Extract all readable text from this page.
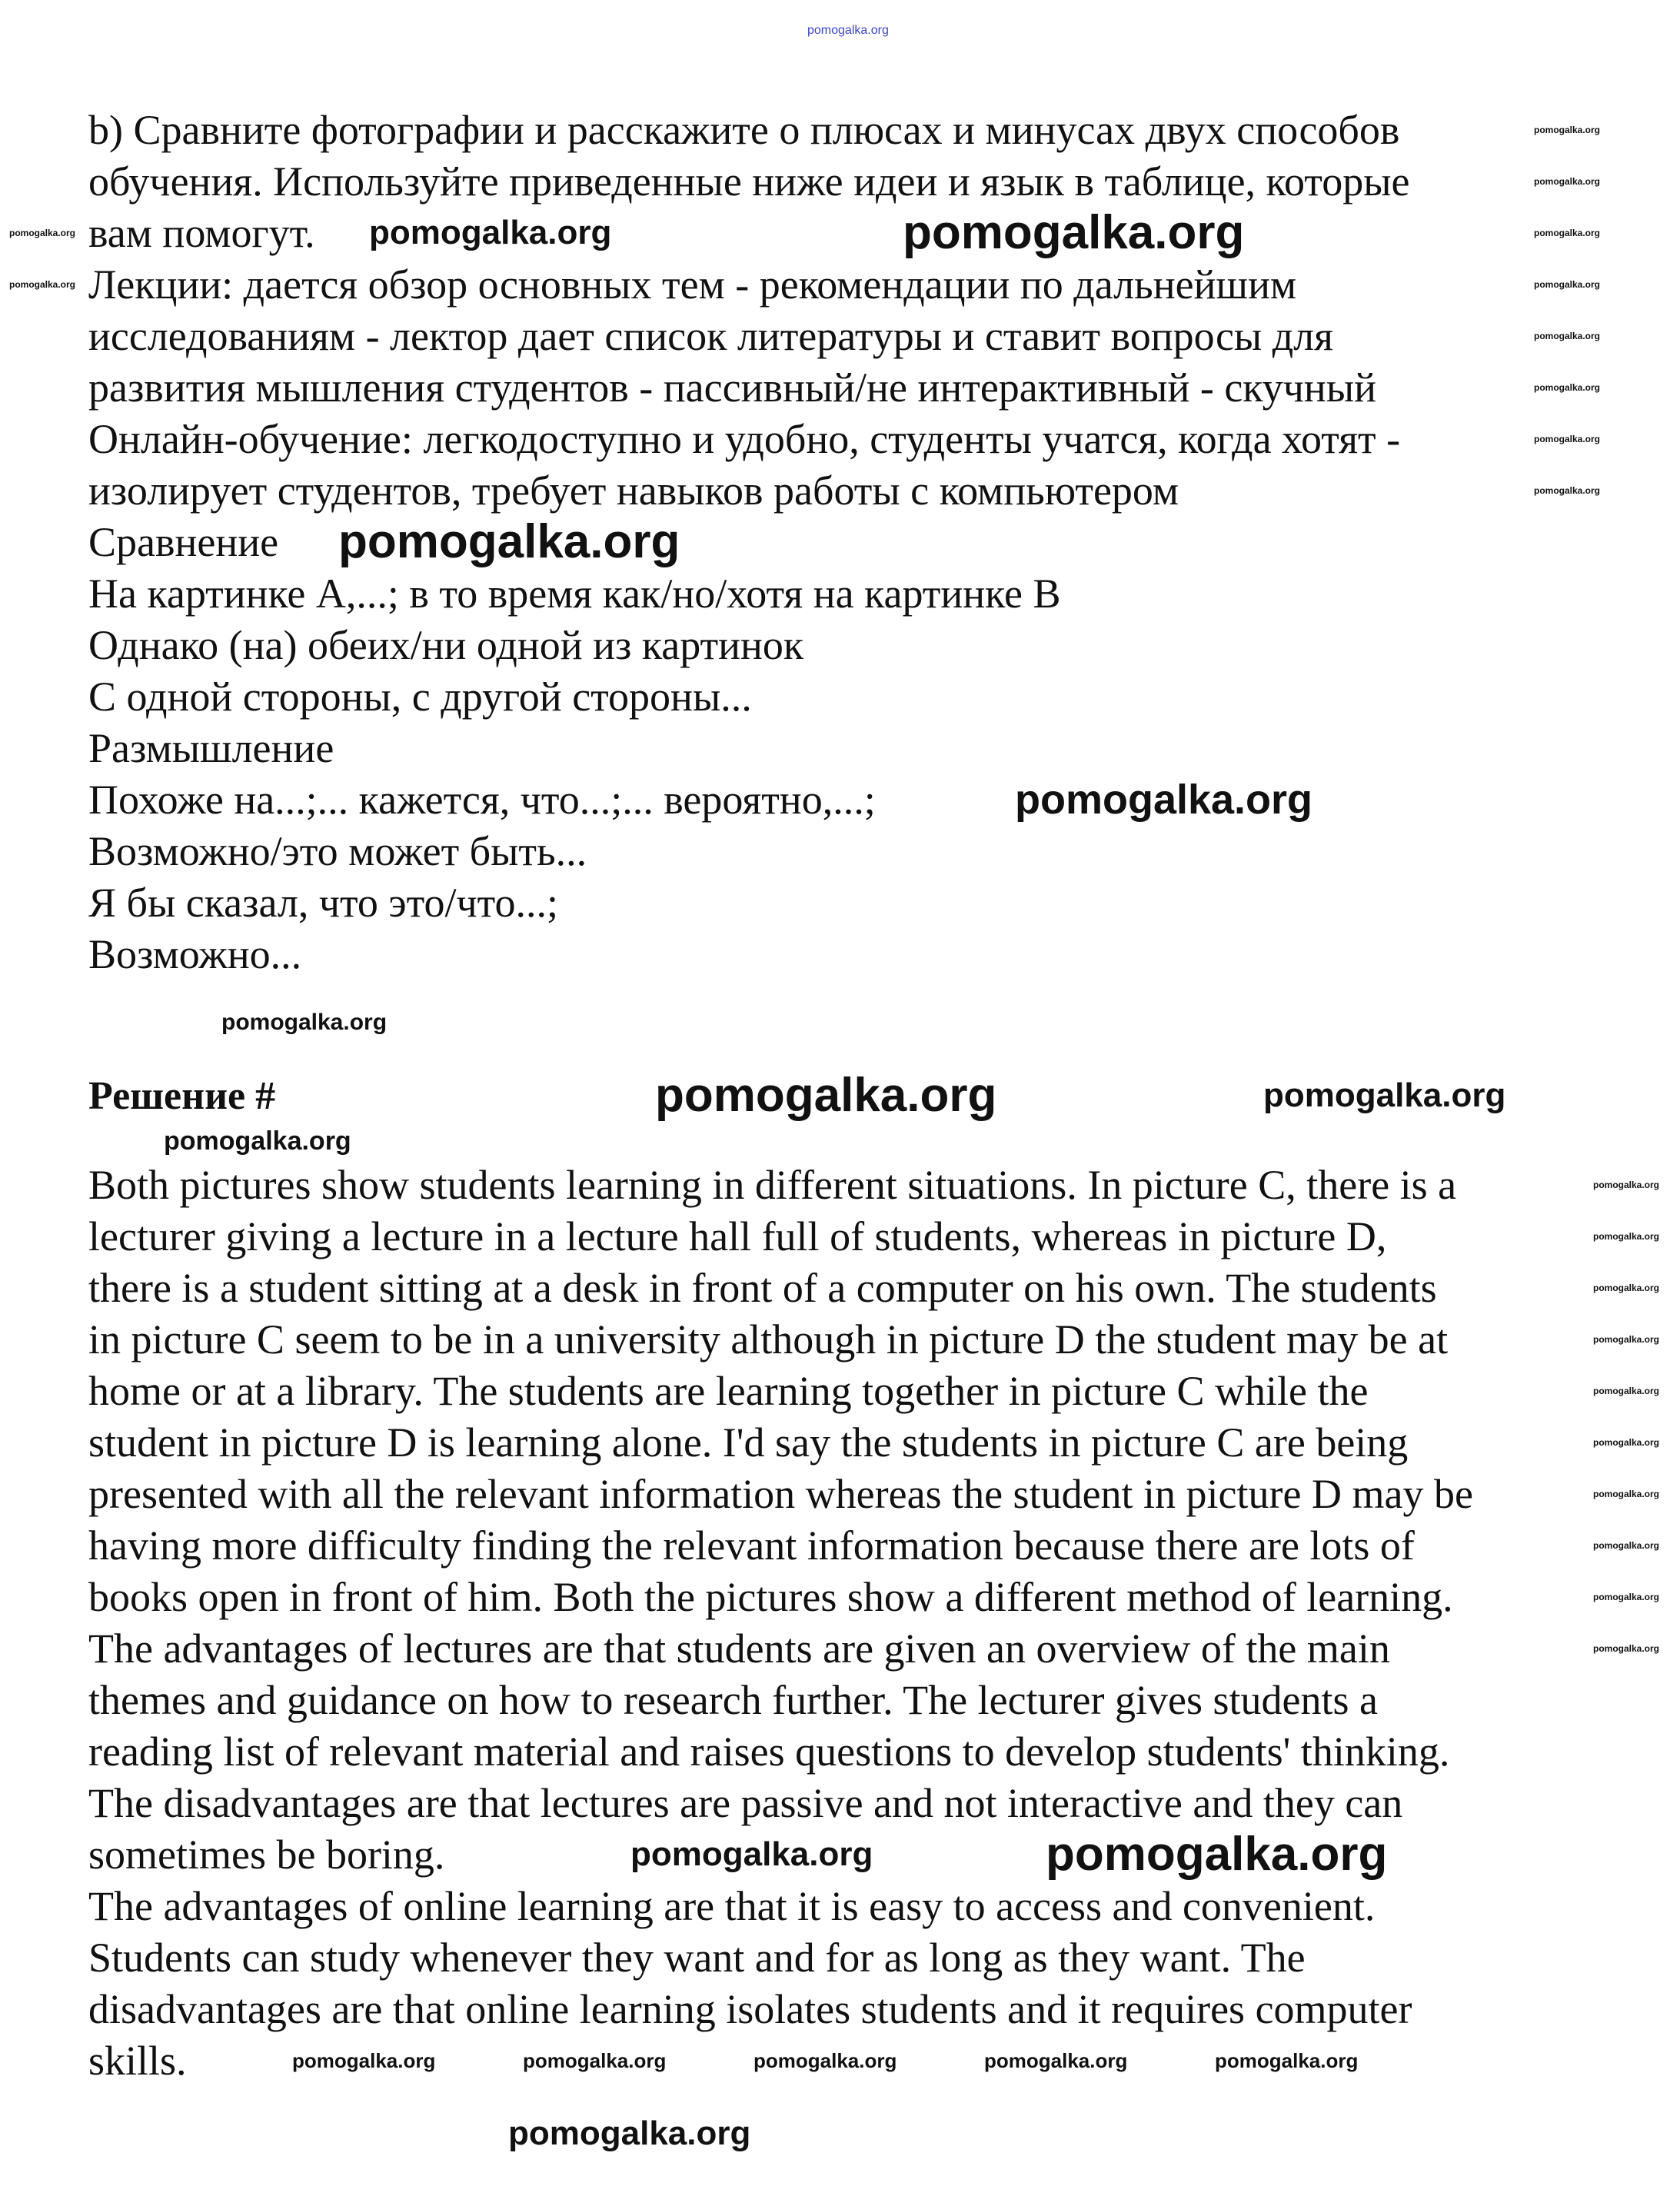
b) Сравните фотографии и расскажите о плюсах и минусах двух способов
обучения. Используйте приведенные ниже идеи и язык в таблице, которые
вам помогут.
Лекции: дается обзор основных тем - рекомендации по дальнейшим
исследованиям - лектор дает список литературы и ставит вопросы для
развития мышления студентов - пассивный/не интерактивный - скучный
Онлайн-обучение: легкодоступно и удобно, студенты учатся, когда хотят -
изолирует студентов, требует навыков работы с компьютером
Сравнение
На картинке А,...; в то время как/но/хотя на картинке В
Однако (на) обеих/ни одной из картинок
С одной стороны, с другой стороны...
Размышление
Похоже на...;... кажется, что...;... вероятно,...;
Возможно/это может быть...
Я бы сказал, что это/что...;
Возможно...
Решение #
Both pictures show students learning in different situations. In picture C, there is a
lecturer giving a lecture in a lecture hall full of students, whereas in picture D,
there is a student sitting at a desk in front of a computer on his own. The students
in picture C seem to be in a university although in picture D the student may be at
home or at a library. The students are learning together in picture C while the
student in picture D is learning alone. I'd say the students in picture C are being
presented with all the relevant information whereas the student in picture D may be
having more difficulty finding the relevant information because there are lots of
books open in front of him. Both the pictures show a different method of learning.
The advantages of lectures are that students are given an overview of the main
themes and guidance on how to research further. The lecturer gives students a
reading list of relevant material and raises questions to develop students' thinking.
The disadvantages are that lectures are passive and not interactive and they can
sometimes be boring.
The advantages of online learning are that it is easy to access and convenient.
Students can study whenever they want and for as long as they want. The
disadvantages are that online learning isolates students and it requires computer
skills.
pomogalka.org
pomogalka.org
pomogalka.org
pomogalka.org
pomogalka.org
pomogalka.org
pomogalka.org
pomogalka.org
pomogalka.org
pomogalka.org
pomogalka.org
pomogalka.org	pomogalka.org
pomogalka.org
pomogalka.org
pomogalka.org
pomogalka.org	pomogalka.org
pomogalka.org
pomogalka.org
pomogalka.org
pomogalka.org
pomogalka.org
pomogalka.org
pomogalka.org
pomogalka.org
pomogalka.org
pomogalka.org
pomogalka.org
pomogalka.org	pomogalka.org	pomogalka.org	pomogalka.org	pomogalka.org
pomogalka.org	pomogalka.org
pomogalka.org
